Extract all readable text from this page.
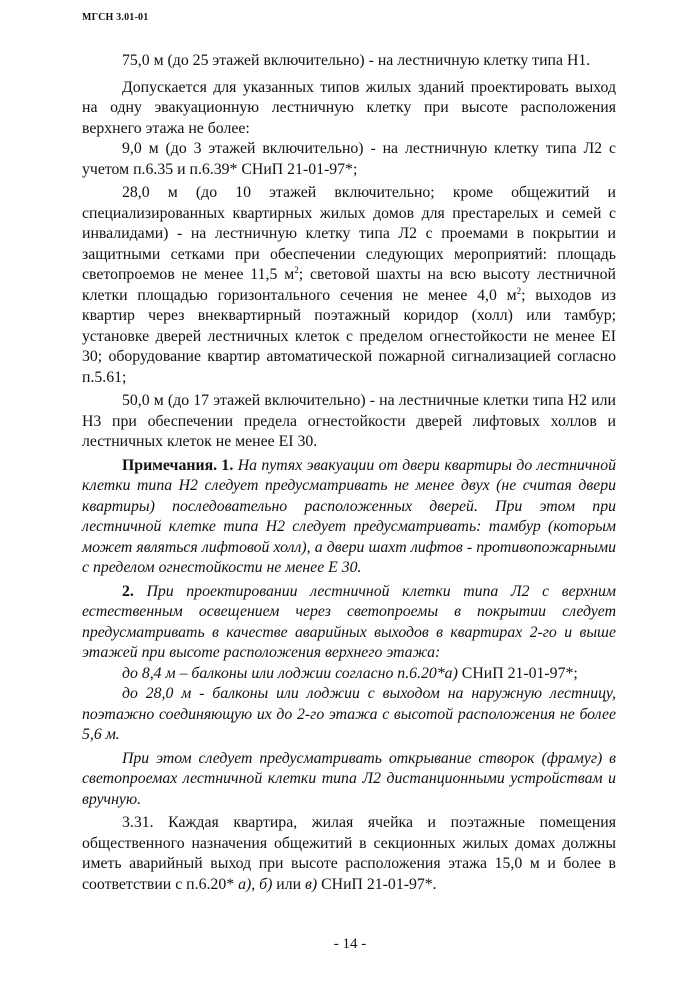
МГСН 3.01-01

75,0 м (до 25 этажей включительно) - на лестничную клетку типа Н1.

Допускается для указанных типов жилых зданий проектировать выход на одну эвакуационную лестничную клетку при высоте расположения верхнего этажа не более:

9,0 м (до 3 этажей включительно) - на лестничную клетку типа Л2 с учетом п.6.35 и п.6.39* СНиП 21-01-97*;

28,0 м (до 10 этажей включительно; кроме общежитий и специализированных квартирных жилых домов для престарелых и семей с инвалидами) - на лестничную клетку типа Л2 с проемами в покрытии и защитными сетками при обеспечении следующих мероприятий: площадь светопроемов не менее 11,5 $м^2$; световой шахты на всю высоту лестничной клетки площадью горизонтального сечения не менее 4,0 $м^2$; выходов из квартир через внеквартирный поэтажный коридор (холл) или тамбур; установке дверей лестничных клеток с пределом огнестойкости не менее EI 30; оборудование квартир автоматической пожарной сигнализацией согласно п.5.61;

50,0 м (до 17 этажей включительно) - на лестничные клетки типа Н2 или Н3 при обеспечении предела огнестойкости дверей лифтовых холлов и лестничных клеток не менее EI 30.

Примечания. 1. На путях эвакуации от двери квартиры до лестничной клетки типа Н2 следует предусматривать не менее двух (не считая двери квартиры) последовательно расположенных дверей. При этом при лестничной клетке типа Н2 следует предусматривать: тамбур (которым может являться лифтовой холл), а двери шахт лифтов - противопожарными с пределом огнестойкости не менее Е 30.

2. При проектировании лестничной клетки типа Л2 с верхним естественным освещением через светопроемы в покрытии следует предусматривать в качестве аварийных выходов в квартирах 2-го и выше этажей при высоте расположения верхнего этажа:

до 8,4 м – балконы или лоджии согласно п.6.20*а) СНиП 21-01-97*;

до 28,0 м - балконы или лоджии с выходом на наружную лестницу, поэтажно соединяющую их до 2-го этажа с высотой расположения не более 5,6 м.

При этом следует предусматривать открывание створок (фрамуг) в светопроемах лестничной клетки типа Л2 дистанционными устройствам и вручную.

3.31. Каждая квартира, жилая ячейка и поэтажные помещения общественного назначения общежитий в секционных жилых домах должны иметь аварийный выход при высоте расположения этажа 15,0 м и более в соответствии с п.6.20* а), б) или в) СНиП 21-01-97*.

- 14 -
